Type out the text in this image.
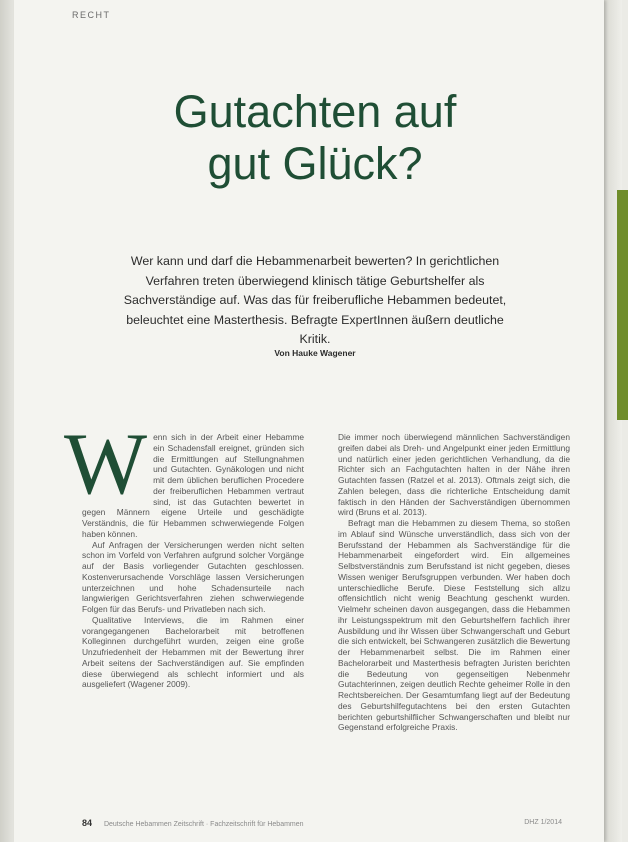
RECHT
Gutachten auf
gut Glück?
Wer kann und darf die Hebammenarbeit bewerten? In gerichtlichen Verfahren treten überwiegend klinisch tätige Geburtshelfer als Sachverständige auf. Was das für freiberufliche Hebammen bedeutet, beleuchtet eine Masterthesis. Befragte ExpertInnen äußern deutliche Kritik.
Von Hauke Wagener

W enn sich in der Arbeit einer Hebamme ein Schadensfall ereignet, gründen sich die Ermittlungen auf Stellungnahmen und Gutachten. Gynäkologen und nicht mit dem üblichen beruflichen Procedere der freiberuflichen Hebammen vertraut sind, ist das Gutachten bewertet in gegen Männern eigene Urteile und geschädigte Verständnis, die für Hebammen schwerwiegende Folgen haben können.

Auf Anfragen der Versicherungen werden nicht selten schon im Vorfeld von Verfahren aufgrund solcher Vorgänge auf der Basis vorliegender Gutachten geschlossen. Kostenverursachende Vorschläge lassen Versicherungen unterzeichnen und hohe Schadensurteile nach langwierigen Gerichtsverfahren ziehen schwerwiegende Folgen für das Berufs- und Privatleben nach sich.

Qualitative Interviews, die im Rahmen einer vorangegangenen Bachelorarbeit mit betroffenen Kolleginnen durchgeführt wurden, zeigen eine große Unzufriedenheit der Hebammen mit der Bewertung ihrer Arbeit seitens der Sachverständigen auf. Sie empfinden diese überwiegend als schlecht informiert und als ausgeliefert (Wagener 2009).

Die immer noch überwiegend männlichen Sachverständigen greifen dabei als Dreh- und Angelpunkt einer jeden Ermittlung und natürlich einer jeden gerichtlichen Verhandlung, da die Richter sich an Fachgutachten halten in der Nähe ihren Gutachten fassen (Ratzel et al. 2013). Oftmals zeigt sich, die Zahlen belegen, dass die richterliche Entscheidung damit faktisch in den Händen der Sachverständigen übernommen wird (Bruns et al. 2013).

Befragt man die Hebammen zu diesem Thema, so stoßen im Ablauf sind Wünsche unverständlich, dass sich von der Berufsstand der Hebammen als Sachverständige für die Hebammenarbeit eingefordert wird. Ein allgemeines Selbstverständnis zum Berufsstand ist nicht gegeben, dieses Wissen weniger Berufsgruppen verbunden. Wer haben doch unterschiedliche Berufe. Diese Feststellung sich allzu offensichtlich nicht wenig Beachtung geschenkt wurden. Vielmehr scheinen davon ausgegangen, dass die Hebammen ihr Leistungsspektrum mit den Geburtshelfern fachlich ihrer Ausbildung und ihr Wissen über Schwangerschaft und Geburt die sich entwickelt, bei Schwangeren zusätzlich die Bewertung der Hebammenarbeit selbst. Die im Rahmen einer Bachelorarbeit und Masterthesis befragten Juristen berichten die Bedeutung von gegenseitigen Nebenmehr Gutachterinnen, zeigen deutlich Rechte geheimer Rolle in den Rechtsbereichen. Der Gesamtumfang liegt auf der Bedeutung des Geburtshilfegutachtens bei den ersten Gutachten berichten geburtshilflicher Schwangerschaften und bleibt nur Gegenstand erfolgreiche Praxis.

84 Deutsche Hebammen Zeitschrift · Fachzeitschrift für Hebammen	DHZ 1/2014
